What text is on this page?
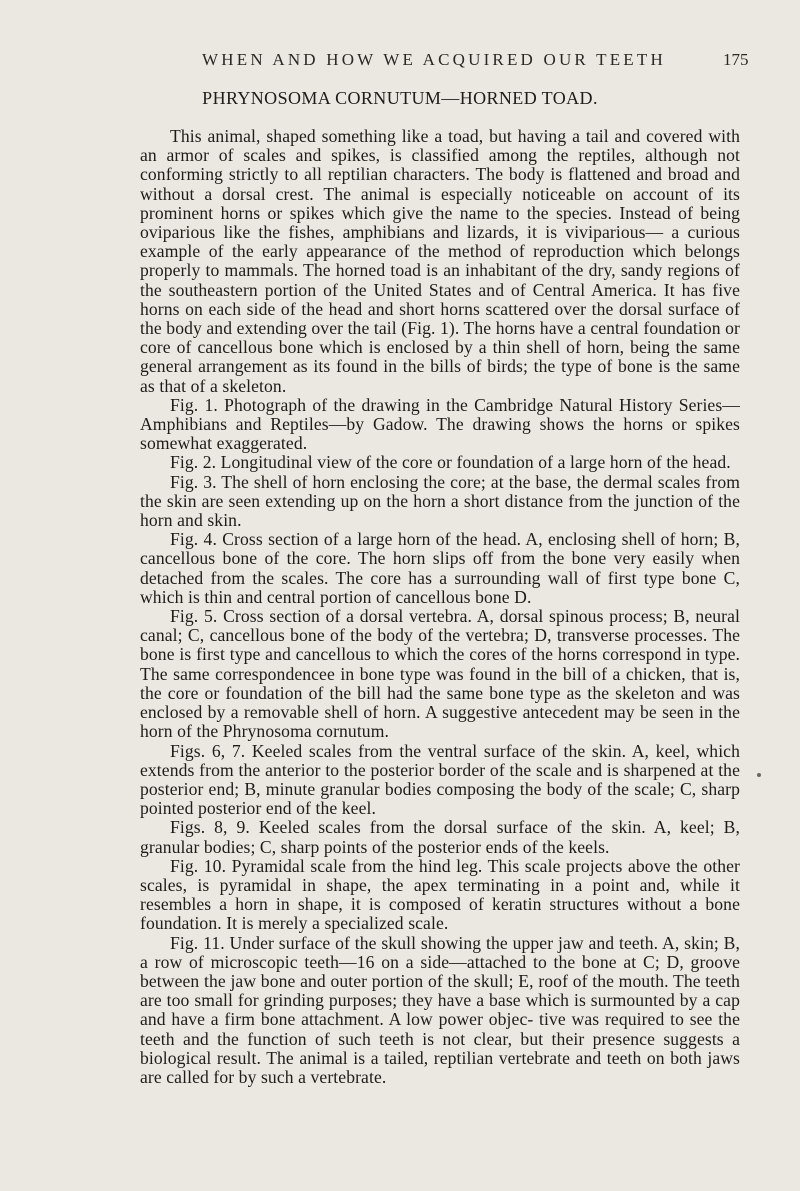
WHEN AND HOW WE ACQUIRED OUR TEETH	175
PHRYNOSOMA CORNUTUM—HORNED TOAD.

This animal, shaped something like a toad, but having a tail and covered with an armor of scales and spikes, is classified among the reptiles, although not conforming strictly to all reptilian characters. The body is flattened and broad and without a dorsal crest. The animal is especially noticeable on account of its prominent horns or spikes which give the name to the species. Instead of being oviparious like the fishes, amphibians and lizards, it is viviparious— a curious example of the early appearance of the method of reproduction which belongs properly to mammals. The horned toad is an inhabitant of the dry, sandy regions of the southeastern portion of the United States and of Central America. It has five horns on each side of the head and short horns scattered over the dorsal surface of the body and extending over the tail (Fig. 1). The horns have a central foundation or core of cancellous bone which is enclosed by a thin shell of horn, being the same general arrangement as its found in the bills of birds; the type of bone is the same as that of a skeleton.

Fig. 1. Photograph of the drawing in the Cambridge Natural History Series—Amphibians and Reptiles—by Gadow. The drawing shows the horns or spikes somewhat exaggerated.

Fig. 2. Longitudinal view of the core or foundation of a large horn of the head.

Fig. 3. The shell of horn enclosing the core; at the base, the dermal scales from the skin are seen extending up on the horn a short distance from the junction of the horn and skin.

Fig. 4. Cross section of a large horn of the head. A, enclosing shell of horn; B, cancellous bone of the core. The horn slips off from the bone very easily when detached from the scales. The core has a surrounding wall of first type bone C, which is thin and central portion of cancellous bone D.

Fig. 5. Cross section of a dorsal vertebra. A, dorsal spinous process; B, neural canal; C, cancellous bone of the body of the vertebra; D, transverse processes. The bone is first type and cancellous to which the cores of the horns correspond in type. The same correspondencee in bone type was found in the bill of a chicken, that is, the core or foundation of the bill had the same bone type as the skeleton and was enclosed by a removable shell of horn. A suggestive antecedent may be seen in the horn of the Phrynosoma cornutum.

Figs. 6, 7. Keeled scales from the ventral surface of the skin. A, keel, which extends from the anterior to the posterior border of the scale and is sharpened at the posterior end; B, minute granular bodies composing the body of the scale; C, sharp pointed posterior end of the keel.

Figs. 8, 9. Keeled scales from the dorsal surface of the skin. A, keel; B, granular bodies; C, sharp points of the posterior ends of the keels.

Fig. 10. Pyramidal scale from the hind leg. This scale projects above the other scales, is pyramidal in shape, the apex terminating in a point and, while it resembles a horn in shape, it is composed of keratin structures without a bone foundation. It is merely a specialized scale.

Fig. 11. Under surface of the skull showing the upper jaw and teeth. A, skin; B, a row of microscopic teeth—16 on a side—attached to the bone at C; D, groove between the jaw bone and outer portion of the skull; E, roof of the mouth. The teeth are too small for grinding purposes; they have a base which is surmounted by a cap and have a firm bone attachment. A low power objec- tive was required to see the teeth and the function of such teeth is not clear, but their presence suggests a biological result. The animal is a tailed, reptilian vertebrate and teeth on both jaws are called for by such a vertebrate.
